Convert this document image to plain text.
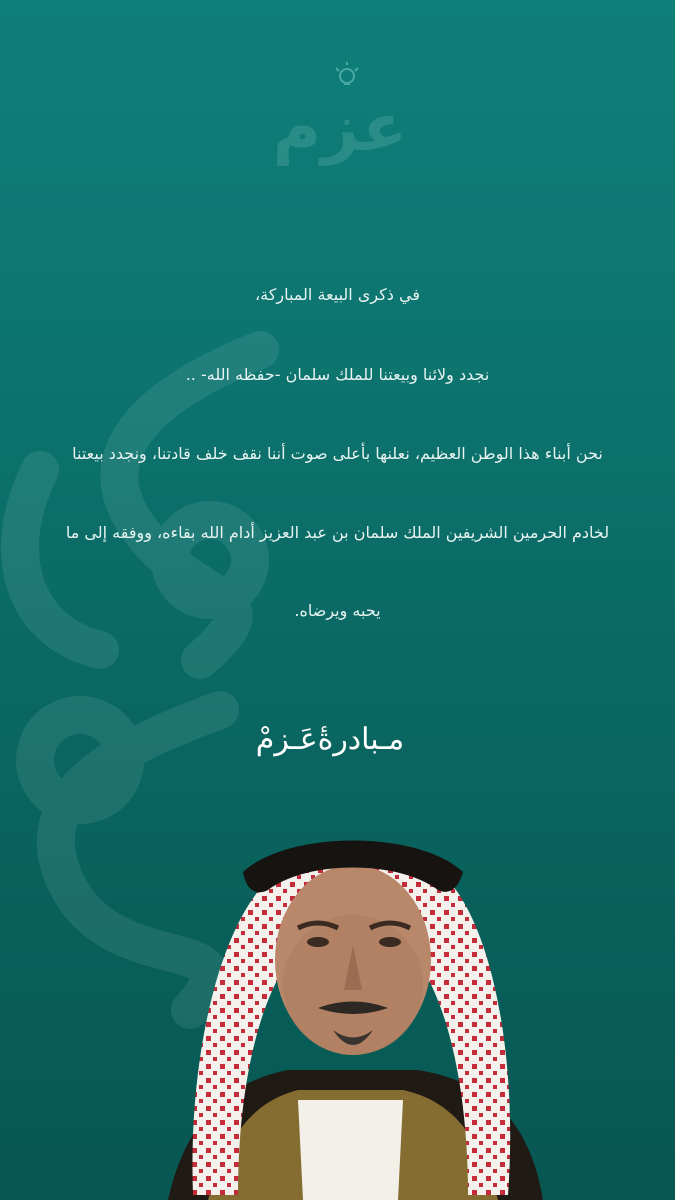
عزم

في ذكرى البيعة المباركة،

نجدد ولائنا وبيعتنا للملك سلمان -حفظه الله- ..

نحن أبناء هذا الوطن العظيم، نعلنها بأعلى صوت أننا نقف خلف قادتنا، ونجدد بيعتنا

لخادم الحرمين الشريفين الملك سلمان بن عبد العزيز أدام الله بقاءه، ووفقه إلى ما

يحبه ويرضاه.

مـبادرةٔعَـزمْ
